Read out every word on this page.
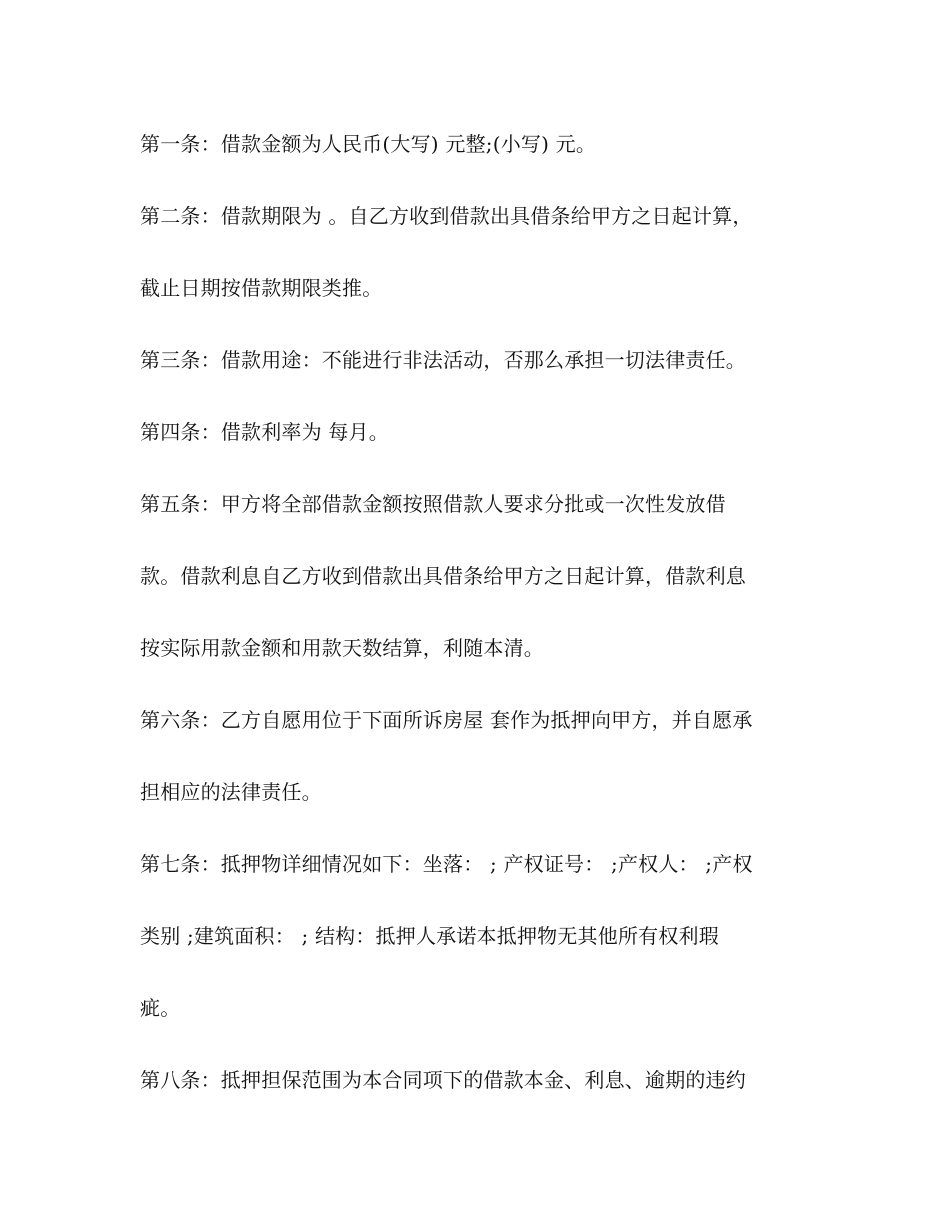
第一条：借款金额为人民币(大写) 元整;(小写) 元。
第二条：借款期限为 。自乙方收到借款出具借条给甲方之日起计算，
截止日期按借款期限类推。
第三条：借款用途：不能进行非法活动，否那么承担一切法律责任。
第四条：借款利率为 每月。
第五条：甲方将全部借款金额按照借款人要求分批或一次性发放借
款。借款利息自乙方收到借款出具借条给甲方之日起计算，借款利息
按实际用款金额和用款天数结算，利随本清。
第六条：乙方自愿用位于下面所诉房屋 套作为抵押向甲方，并自愿承
担相应的法律责任。
第七条：抵押物详细情况如下：坐落： ; 产权证号： ;产权人： ;产权
类别 ;建筑面积： ; 结构：抵押人承诺本抵押物无其他所有权利瑕
疵。
第八条：抵押担保范围为本合同项下的借款本金、利息、逾期的违约
